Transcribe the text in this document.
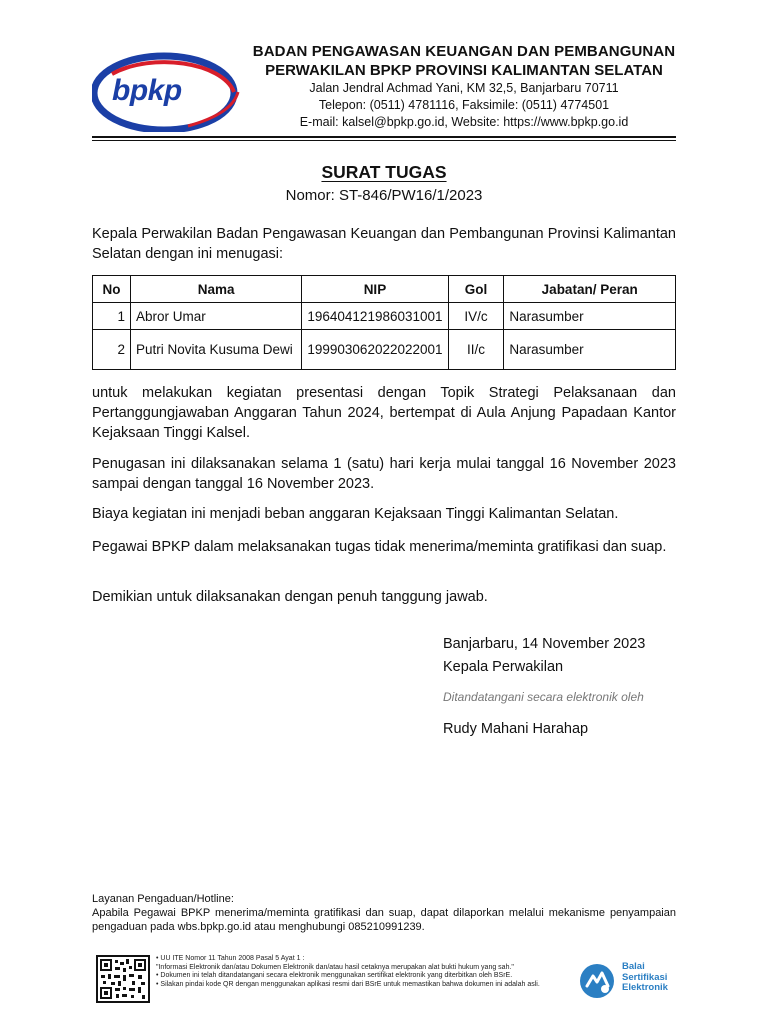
bpkp
BADAN PENGAWASAN KEUANGAN DAN PEMBANGUNAN
PERWAKILAN BPKP PROVINSI KALIMANTAN SELATAN
Jalan Jendral Achmad Yani, KM 32,5, Banjarbaru 70711
Telepon: (0511) 4781116, Faksimile: (0511) 4774501
E-mail: kalsel@bpkp.go.id, Website: https://www.bpkp.go.id
SURAT TUGAS
Nomor: ST-846/PW16/1/2023
Kepala Perwakilan Badan Pengawasan Keuangan dan Pembangunan Provinsi Kalimantan Selatan dengan ini menugasi:
No	Nama	NIP	Gol	Jabatan/ Peran
1	Abror Umar	196404121986031001	IV/c	Narasumber
2	Putri Novita Kusuma Dewi	199903062022022001	II/c	Narasumber
untuk melakukan kegiatan presentasi dengan Topik Strategi Pelaksanaan dan Pertanggungjawaban Anggaran Tahun 2024, bertempat di Aula Anjung Papadaan Kantor Kejaksaan Tinggi Kalsel.
Penugasan ini dilaksanakan selama 1 (satu) hari kerja mulai tanggal 16 November 2023 sampai dengan tanggal 16 November 2023.
Biaya kegiatan ini menjadi beban anggaran Kejaksaan Tinggi Kalimantan Selatan.
Pegawai BPKP dalam melaksanakan tugas tidak menerima/meminta gratifikasi dan suap.
Demikian untuk dilaksanakan dengan penuh tanggung jawab.
Banjarbaru, 14 November 2023
Kepala Perwakilan
Ditandatangani secara elektronik oleh
Rudy Mahani Harahap
Layanan Pengaduan/Hotline:
Apabila Pegawai BPKP menerima/meminta gratifikasi dan suap, dapat dilaporkan melalui mekanisme penyampaian pengaduan pada wbs.bpkp.go.id atau menghubungi 085210991239.
• UU ITE Nomor 11 Tahun 2008 Pasal 5 Ayat 1 :
"Informasi Elektronik dan/atau Dokumen Elektronik dan/atau hasil cetaknya merupakan alat bukti hukum yang sah."
• Dokumen ini telah ditandatangani secara elektronik menggunakan sertifikat elektronik yang diterbitkan oleh BSrE.
• Silakan pindai kode QR dengan menggunakan aplikasi resmi dari BSrE untuk memastikan bahwa dokumen ini adalah asli.
Balai
Sertifikasi
Elektronik
